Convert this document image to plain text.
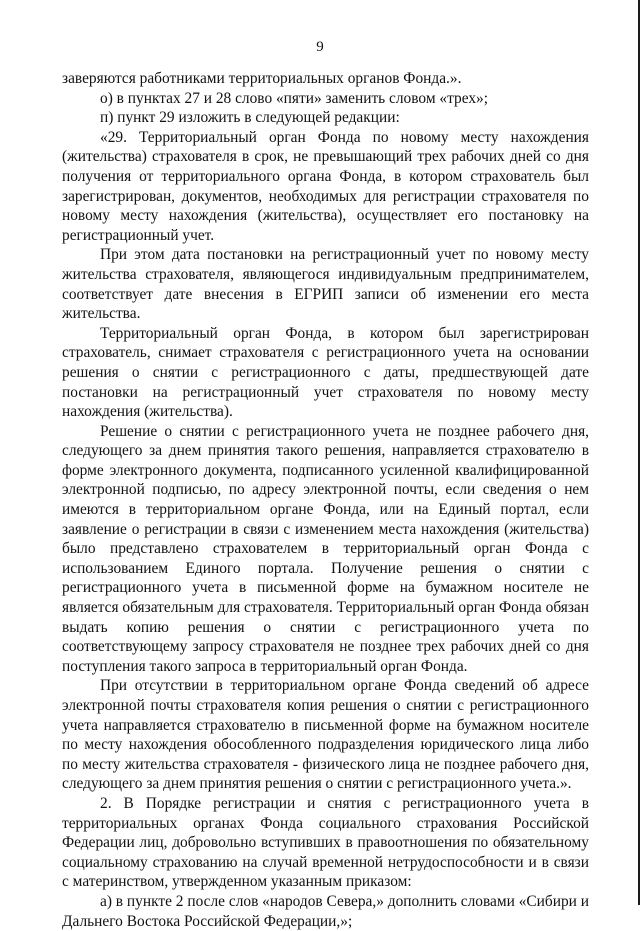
9

заверяются работниками территориальных органов Фонда.».

о) в пунктах 27 и 28 слово «пяти» заменить словом «трех»;

п) пункт 29 изложить в следующей редакции:

«29. Территориальный орган Фонда по новому месту нахождения (жительства) страхователя в срок, не превышающий трех рабочих дней со дня получения от территориального органа Фонда, в котором страхователь был зарегистрирован, документов, необходимых для регистрации страхователя по новому месту нахождения (жительства), осуществляет его постановку на регистрационный учет.

При этом дата постановки на регистрационный учет по новому месту жительства страхователя, являющегося индивидуальным предпринимателем, соответствует дате внесения в ЕГРИП записи об изменении его места жительства.

Территориальный орган Фонда, в котором был зарегистрирован страхователь, снимает страхователя с регистрационного учета на основании решения о снятии с регистрационного с даты, предшествующей дате постановки на регистрационный учет страхователя по новому месту нахождения (жительства).

Решение о снятии с регистрационного учета не позднее рабочего дня, следующего за днем принятия такого решения, направляется страхователю в форме электронного документа, подписанного усиленной квалифицированной электронной подписью, по адресу электронной почты, если сведения о нем имеются в территориальном органе Фонда, или на Единый портал, если заявление о регистрации в связи с изменением места нахождения (жительства) было представлено страхователем в территориальный орган Фонда с использованием Единого портала. Получение решения о снятии с регистрационного учета в письменной форме на бумажном носителе не является обязательным для страхователя. Территориальный орган Фонда обязан выдать копию решения о снятии с регистрационного учета по соответствующему запросу страхователя не позднее трех рабочих дней со дня поступления такого запроса в территориальный орган Фонда.

При отсутствии в территориальном органе Фонда сведений об адресе электронной почты страхователя копия решения о снятии с регистрационного учета направляется страхователю в письменной форме на бумажном носителе по месту нахождения обособленного подразделения юридического лица либо по месту жительства страхователя - физического лица не позднее рабочего дня, следующего за днем принятия решения о снятии с регистрационного учета.».

2. В Порядке регистрации и снятия с регистрационного учета в территориальных органах Фонда социального страхования Российской Федерации лиц, добровольно вступивших в правоотношения по обязательному социальному страхованию на случай временной нетрудоспособности и в связи с материнством, утвержденном указанным приказом:

а) в пункте 2 после слов «народов Севера,» дополнить словами «Сибири и Дальнего Востока Российской Федерации,»;
